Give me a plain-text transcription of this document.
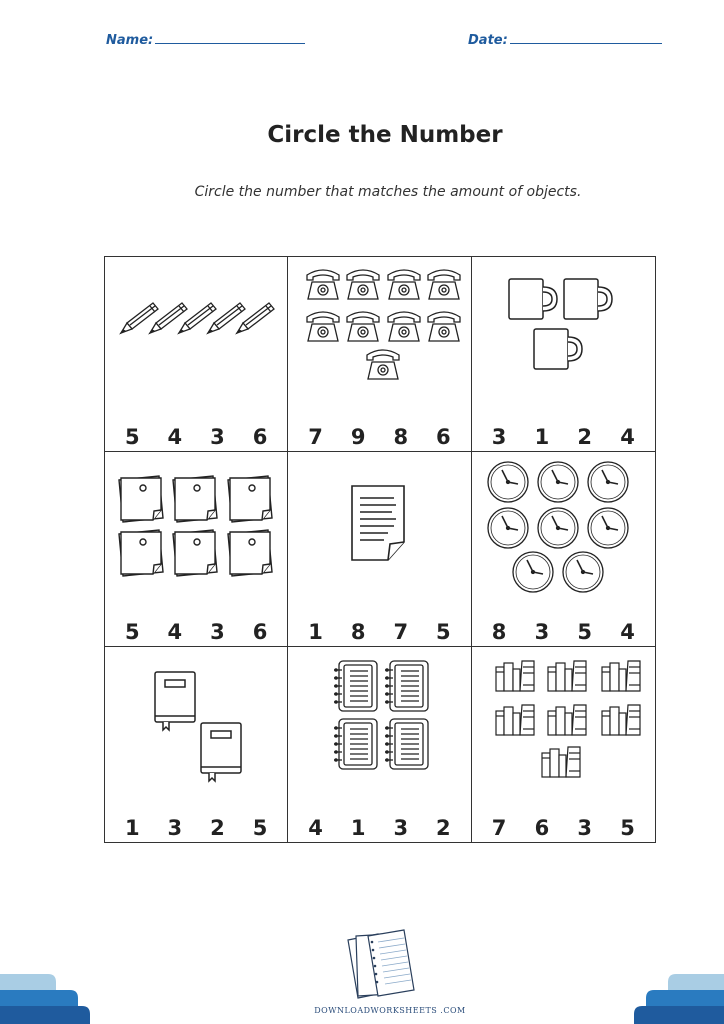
Name:	Date:
Circle the Number
Circle the number that matches the amount of objects.
5 4 3 6 7 9 8 6 3 1 2 4
5 4 3 6 1 8 7 5 8 3 5 4
1 3 2 5 4 1 3 2 7 6 3 5
DOWNLOADWORKSHEETS .COM
